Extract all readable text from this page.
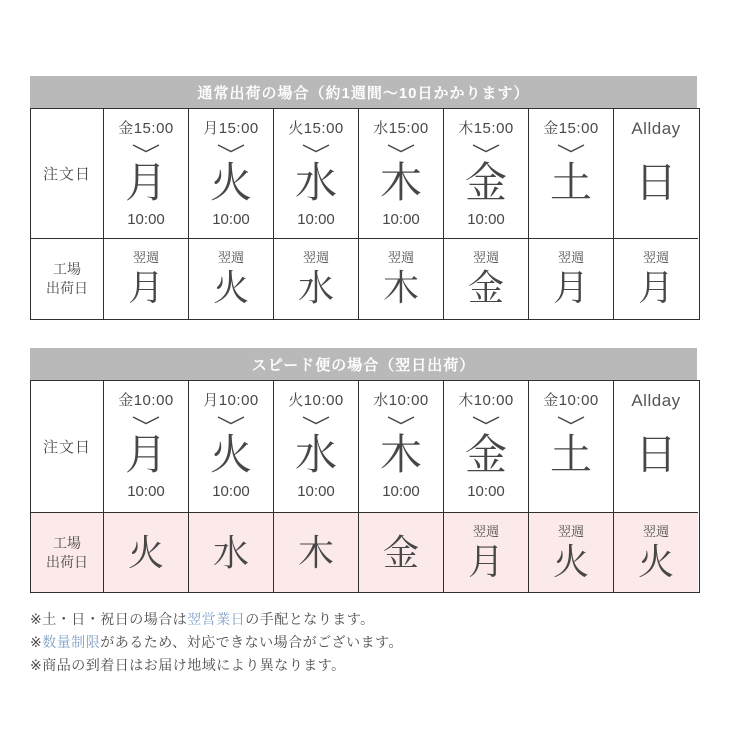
通常出荷の場合（約1週間〜10日かかります）
注文日
金15:00
月
10:00
月15:00
火
10:00
火15:00
水
10:00
水15:00
木
10:00
木15:00
金
10:00
金15:00
土
Allday
日
工場
出荷日
翌週
月
翌週
火
翌週
水
翌週
木
翌週
金
翌週
月
翌週
月
スピード便の場合（翌日出荷）
注文日
金10:00
月
10:00
月10:00
火
10:00
火10:00
水
10:00
水10:00
木
10:00
木10:00
金
10:00
金10:00
土
Allday
日
工場
出荷日 火 水 木 金
翌週
月
翌週
火
翌週
火

※土・日・祝日の場合は翌営業日の手配となります。

※数量制限があるため、対応できない場合がございます。

※商品の到着日はお届け地域により異なります。
